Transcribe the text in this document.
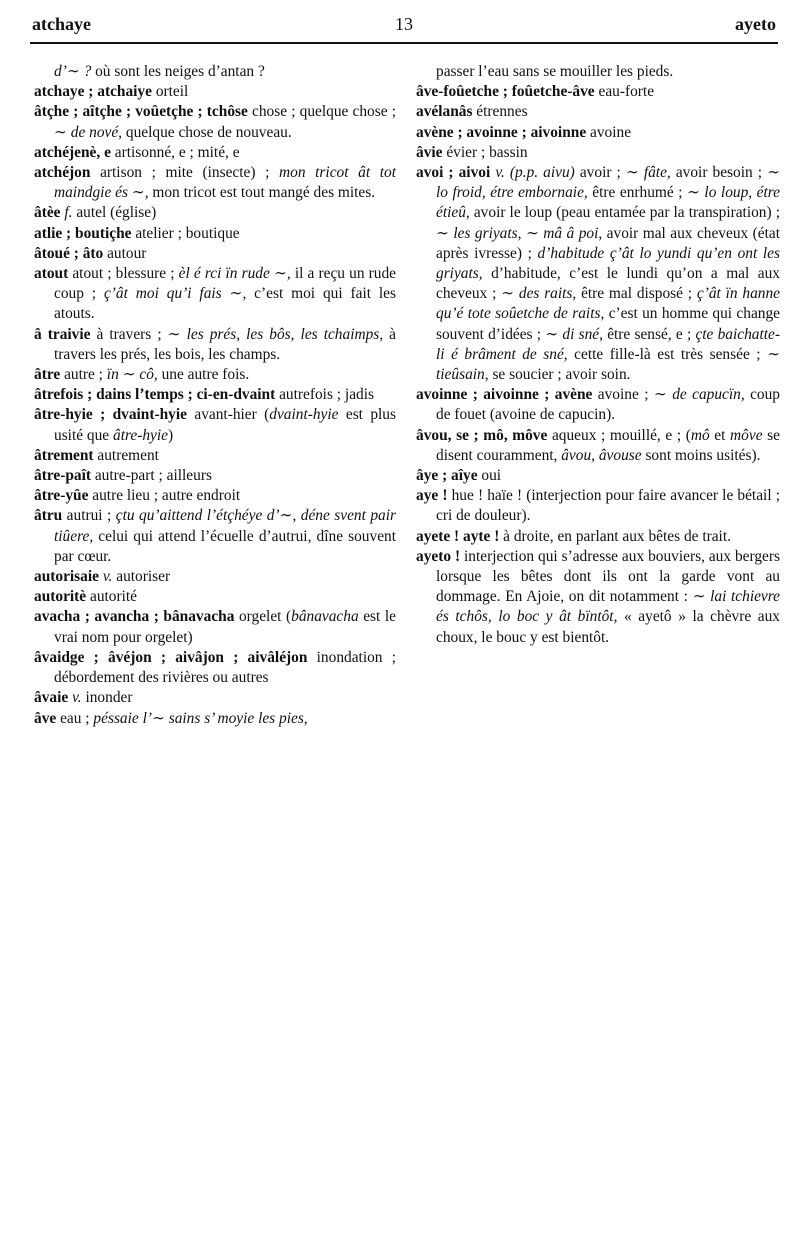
atchaye	13	ayeto

d’∼ ? où sont les neiges d’antan ?

atchaye ; atchaiye orteil

âtçhe ; aîtçhe ; voûetçhe ; tchôse chose ; quelque chose ; ∼ de nové, quelque chose de nouveau.

atchéjenè, e artisonné, e ; mité, e

atchéjon artison ; mite (insecte) ; mon tricot ât tot maindgie és ∼, mon tricot est tout mangé des mites.

âtèe f. autel (église)

atlie ; boutiçhe atelier ; boutique

âtoué ; âto autour

atout atout ; blessure ; èl é rci ïn rude ∼, il a reçu un rude coup ; ç’ât moi qu’i fais ∼, c’est moi qui fait les atouts.

â traivie à travers ; ∼ les prés, les bôs, les tchaimps, à travers les prés, les bois, les champs.

âtre autre ; ïn ∼ cô, une autre fois.

âtrefois ; dains l’temps ; ci-en-dvaint autrefois ; jadis

âtre-hyie ; dvaint-hyie avant-hier (dvaint-hyie est plus usité que âtre-hyie)

âtrement autrement

âtre-paît autre-part ; ailleurs

âtre-yûe autre lieu ; autre endroit

âtru autrui ; çtu qu’aittend l’étçhéye d’∼, déne svent pair tiûere, celui qui attend l’écuelle d’autrui, dîne souvent par cœur.

autorisaie v. autoriser

autoritè autorité

avacha ; avancha ; bânavacha orgelet (bânavacha est le vrai nom pour orgelet)

âvaidge ; âvéjon ; aivâjon ; aivâléjon inondation ; débordement des rivières ou autres

âvaie v. inonder

âve eau ; péssaie l’∼ sains s’ moyie les pies,

passer l’eau sans se mouiller les pieds.

âve-foûetche ; foûetche-âve eau-forte

avélanâs étrennes

avène ; avoinne ; aivoinne avoine

âvie évier ; bassin

avoi ; aivoi v. (p.p. aivu) avoir ; ∼ fâte, avoir besoin ; ∼ lo froid, étre embornaie, être enrhumé ; ∼ lo loup, étre étieû, avoir le loup (peau entamée par la transpiration) ; ∼ les griyats, ∼ mâ â poi, avoir mal aux cheveux (état après ivresse) ; d’habitude ç’ât lo yundi qu’en ont les griyats, d’habitude, c’est le lundi qu’on a mal aux cheveux ; ∼ des raits, être mal disposé ; ç’ât ïn hanne qu’é tote soûetche de raits, c’est un homme qui change souvent d’idées ; ∼ di sné, être sensé, e ; çte baichatte-li é brâment de sné, cette fille-là est très sensée ; ∼ tieûsain, se soucier ; avoir soin.

avoinne ; aivoinne ; avène avoine ; ∼ de capucïn, coup de fouet (avoine de capucin).

âvou, se ; mô, môve aqueux ; mouillé, e ; (mô et môve se disent couramment, âvou, âvouse sont moins usités).

âye ; aîye oui

aye ! hue ! haïe ! (interjection pour faire avancer le bétail ; cri de douleur).

ayete ! ayte ! à droite, en parlant aux bêtes de trait.

ayeto ! interjection qui s’adresse aux bouviers, aux bergers lorsque les bêtes dont ils ont la garde vont au dommage. En Ajoie, on dit notamment : ∼ lai tchievre és tchôs, lo boc y ât bïntôt, « ayetô » la chèvre aux choux, le bouc y est bientôt.
